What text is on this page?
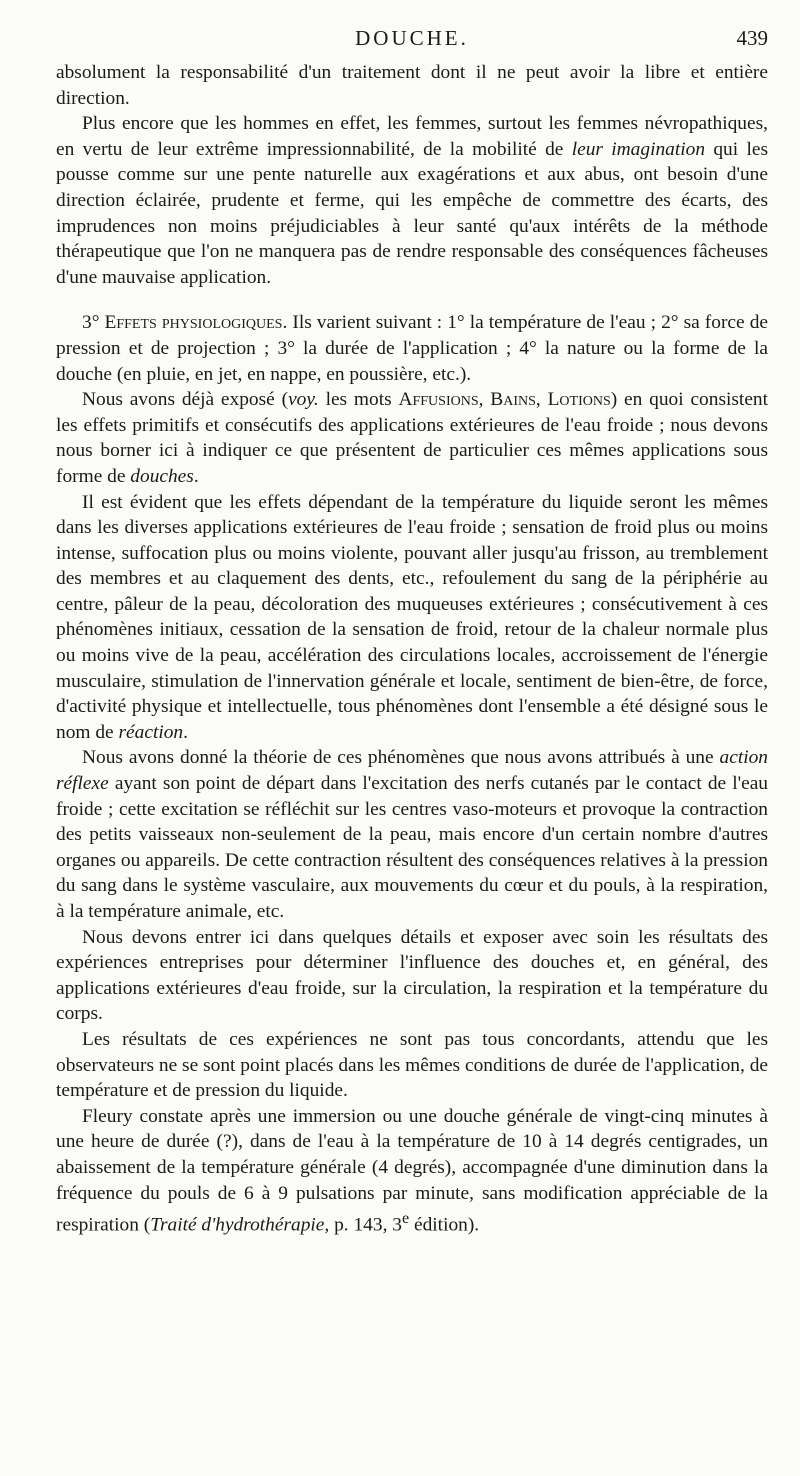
DOUCHE.	439

absolument la responsabilité d'un traitement dont il ne peut avoir la libre et entière direction.

Plus encore que les hommes en effet, les femmes, surtout les femmes névropathiques, en vertu de leur extrême impressionnabilité, de la mobilité de leur imagination qui les pousse comme sur une pente naturelle aux exagérations et aux abus, ont besoin d'une direction éclairée, prudente et ferme, qui les empêche de commettre des écarts, des imprudences non moins préjudiciables à leur santé qu'aux intérêts de la méthode thérapeutique que l'on ne manquera pas de rendre responsable des conséquences fâcheuses d'une mauvaise application.

3° Effets physiologiques. Ils varient suivant : 1° la température de l'eau ; 2° sa force de pression et de projection ; 3° la durée de l'application ; 4° la nature ou la forme de la douche (en pluie, en jet, en nappe, en poussière, etc.).

Nous avons déjà exposé (voy. les mots Affusions, Bains, Lotions) en quoi consistent les effets primitifs et consécutifs des applications extérieures de l'eau froide ; nous devons nous borner ici à indiquer ce que présentent de particulier ces mêmes applications sous forme de douches.

Il est évident que les effets dépendant de la température du liquide seront les mêmes dans les diverses applications extérieures de l'eau froide ; sensation de froid plus ou moins intense, suffocation plus ou moins violente, pouvant aller jusqu'au frisson, au tremblement des membres et au claquement des dents, etc., refoulement du sang de la périphérie au centre, pâleur de la peau, décoloration des muqueuses extérieures ; consécutivement à ces phénomènes initiaux, cessation de la sensation de froid, retour de la chaleur normale plus ou moins vive de la peau, accélération des circulations locales, accroissement de l'énergie musculaire, stimulation de l'innervation générale et locale, sentiment de bien-être, de force, d'activité physique et intellectuelle, tous phénomènes dont l'ensemble a été désigné sous le nom de réaction.

Nous avons donné la théorie de ces phénomènes que nous avons attribués à une action réflexe ayant son point de départ dans l'excitation des nerfs cutanés par le contact de l'eau froide ; cette excitation se réfléchit sur les centres vaso-moteurs et provoque la contraction des petits vaisseaux non-seulement de la peau, mais encore d'un certain nombre d'autres organes ou appareils. De cette contraction résultent des conséquences relatives à la pression du sang dans le système vasculaire, aux mouvements du cœur et du pouls, à la respiration, à la température animale, etc.

Nous devons entrer ici dans quelques détails et exposer avec soin les résultats des expériences entreprises pour déterminer l'influence des douches et, en général, des applications extérieures d'eau froide, sur la circulation, la respiration et la température du corps.

Les résultats de ces expériences ne sont pas tous concordants, attendu que les observateurs ne se sont point placés dans les mêmes conditions de durée de l'application, de température et de pression du liquide.

Fleury constate après une immersion ou une douche générale de vingt-cinq minutes à une heure de durée (?), dans de l'eau à la température de 10 à 14 degrés centigrades, un abaissement de la température générale (4 degrés), accompagnée d'une diminution dans la fréquence du pouls de 6 à 9 pulsations par minute, sans modification appréciable de la respiration (Traité d'hydrothérapie, p. 143, 3e édition).
